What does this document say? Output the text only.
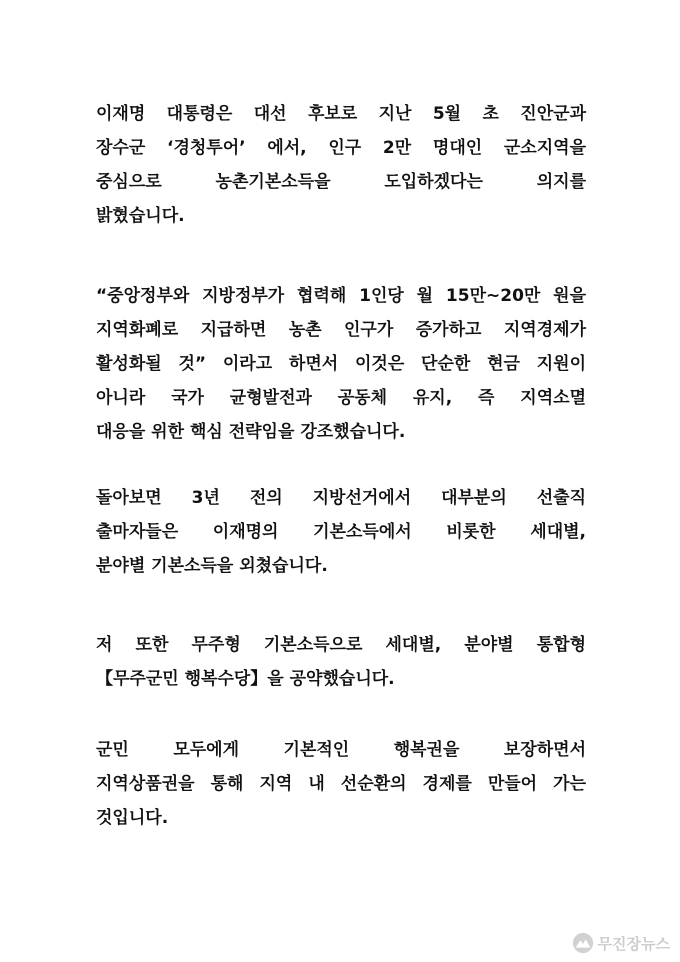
이재명 대통령은 대선 후보로 지난 5월 초 진안군과
장수군 ‘경청투어’ 에서, 인구 2만 명대인 군소지역을
중심으로 농촌기본소득을 도입하겠다는 의지를
밝혔습니다.
“중앙정부와 지방정부가 협력해 1인당 월 15만~20만 원을
지역화폐로 지급하면 농촌 인구가 증가하고 지역경제가
활성화될 것” 이라고 하면서 이것은 단순한 현금 지원이
아니라 국가 균형발전과 공동체 유지, 즉 지역소멸
대응을 위한 핵심 전략임을 강조했습니다.
돌아보면 3년 전의 지방선거에서 대부분의 선출직
출마자들은 이재명의 기본소득에서 비롯한 세대별,
분야별 기본소득을 외쳤습니다.
저 또한 무주형 기본소득으로 세대별, 분야별 통합형
【무주군민 행복수당】을 공약했습니다.
군민 모두에게 기본적인 행복권을 보장하면서
지역상품권을 통해 지역 내 선순환의 경제를 만들어 가는
것입니다.
무진장뉴스
